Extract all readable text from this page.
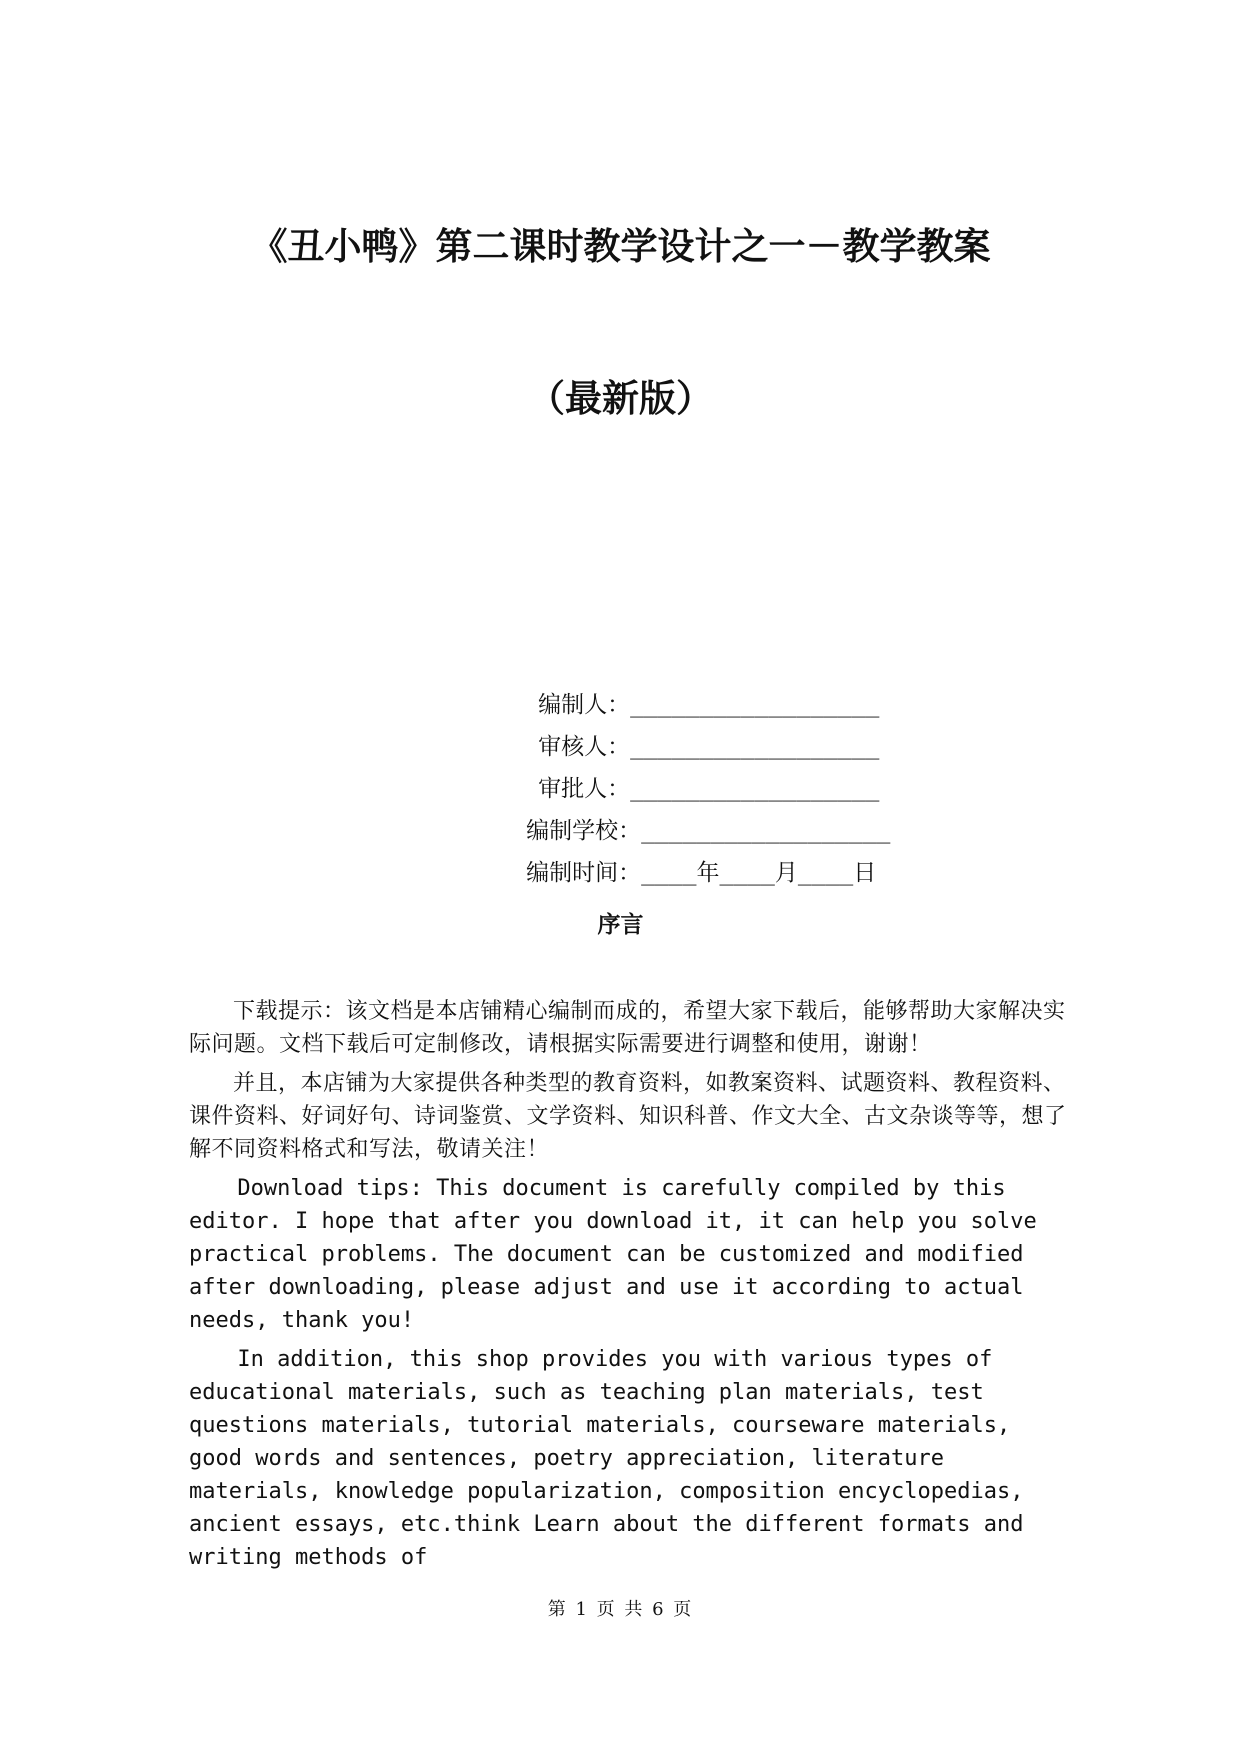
《丑小鸭》第二课时教学设计之一－教学教案
（最新版）

编制人：__________________

审核人：__________________

审批人：__________________

编制学校：__________________

编制时间：____年____月____日

序言

下载提示：该文档是本店铺精心编制而成的，希望大家下载后，能够帮助大家解决实际问题。文档下载后可定制修改，请根据实际需要进行调整和使用，谢谢！

并且，本店铺为大家提供各种类型的教育资料，如教案资料、试题资料、教程资料、课件资料、好词好句、诗词鉴赏、文学资料、知识科普、作文大全、古文杂谈等等，想了解不同资料格式和写法，敬请关注！

Download tips: This document is carefully compiled by this editor. I hope that after you download it, it can help you solve practical problems. The document can be customized and modified after downloading, please adjust and use it according to actual needs, thank you!

In addition, this shop provides you with various types of educational materials, such as teaching plan materials, test questions materials, tutorial materials, courseware materials, good words and sentences, poetry appreciation, literature materials, knowledge popularization, composition encyclopedias, ancient essays, etc.think Learn about the different formats and writing methods of

第 1 页 共 6 页
